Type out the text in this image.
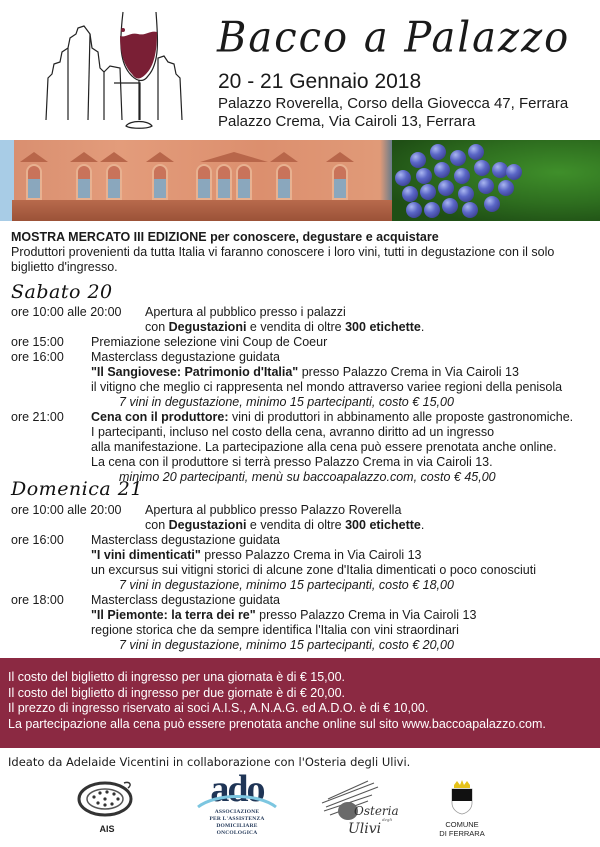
Bacco a Palazzo
20 - 21 Gennaio 2018
Palazzo Roverella, Corso della Giovecca 47, Ferrara
Palazzo Crema, Via Cairoli 13, Ferrara
MOSTRA MERCATO III EDIZIONE per conoscere, degustare e acquistare
Produttori provenienti da tutta Italia vi faranno conoscere i loro vini, tutti in degustazione con il solo biglietto d'ingresso.
Sabato 20
ore 10:00 alle 20:00 Apertura al pubblico presso i palazzi
con Degustazioni e vendita di oltre 300 etichette.
ore 15:00 Premiazione selezione vini Coup de Coeur
ore 16:00 Masterclass degustazione guidata
"Il Sangiovese: Patrimonio d'Italia" presso Palazzo Crema in Via Cairoli 13
il vitigno che meglio ci rappresenta nel mondo attraverso variee regioni della penisola
7 vini in degustazione, minimo 15 partecipanti, costo € 15,00
ore 21:00 Cena con il produttore: vini di produttori in abbinamento alle proposte gastronomiche.
I partecipanti, incluso nel costo della cena, avranno diritto ad un ingresso
alla manifestazione. La partecipazione alla cena può essere prenotata anche online.
La cena con il produttore si terrà presso Palazzo Crema in via Cairoli 13.
minimo 20 partecipanti, menù su baccoapalazzo.com, costo € 45,00
Domenica 21
ore 10:00 alle 20:00 Apertura al pubblico presso Palazzo Roverella
con Degustazioni e vendita di oltre 300 etichette.
ore 16:00 Masterclass degustazione guidata
"I vini dimenticati" presso Palazzo Crema in Via Cairoli 13
un excursus sui vitigni storici di alcune zone d'Italia dimenticati o poco conosciuti
7 vini in degustazione, minimo 15 partecipanti, costo € 18,00
ore 18:00 Masterclass degustazione guidata
"Il Piemonte: la terra dei re" presso Palazzo Crema in Via Cairoli 13
regione storica che da sempre identifica l'Italia con vini straordinari
7 vini in degustazione, minimo 15 partecipanti, costo € 20,00
Il costo del biglietto di ingresso per una giornata è di € 15,00.
Il costo del biglietto di ingresso per due giornate è di € 20,00.
Il prezzo di ingresso riservato ai soci A.I.S., A.N.A.G. ed A.D.O. è di € 10,00.
La partecipazione alla cena può essere prenotata anche online sul sito www.baccoapalazzo.com.
Ideato da Adelaide Vicentini in collaborazione con l'Osteria degli Ulivi.
AIS
ado
ASSOCIAZIONE
PER L'ASSISTENZA
DOMICILIARE
ONCOLOGICA
Osteria
degli
Ulivi	COMUNE
DI FERRARA
